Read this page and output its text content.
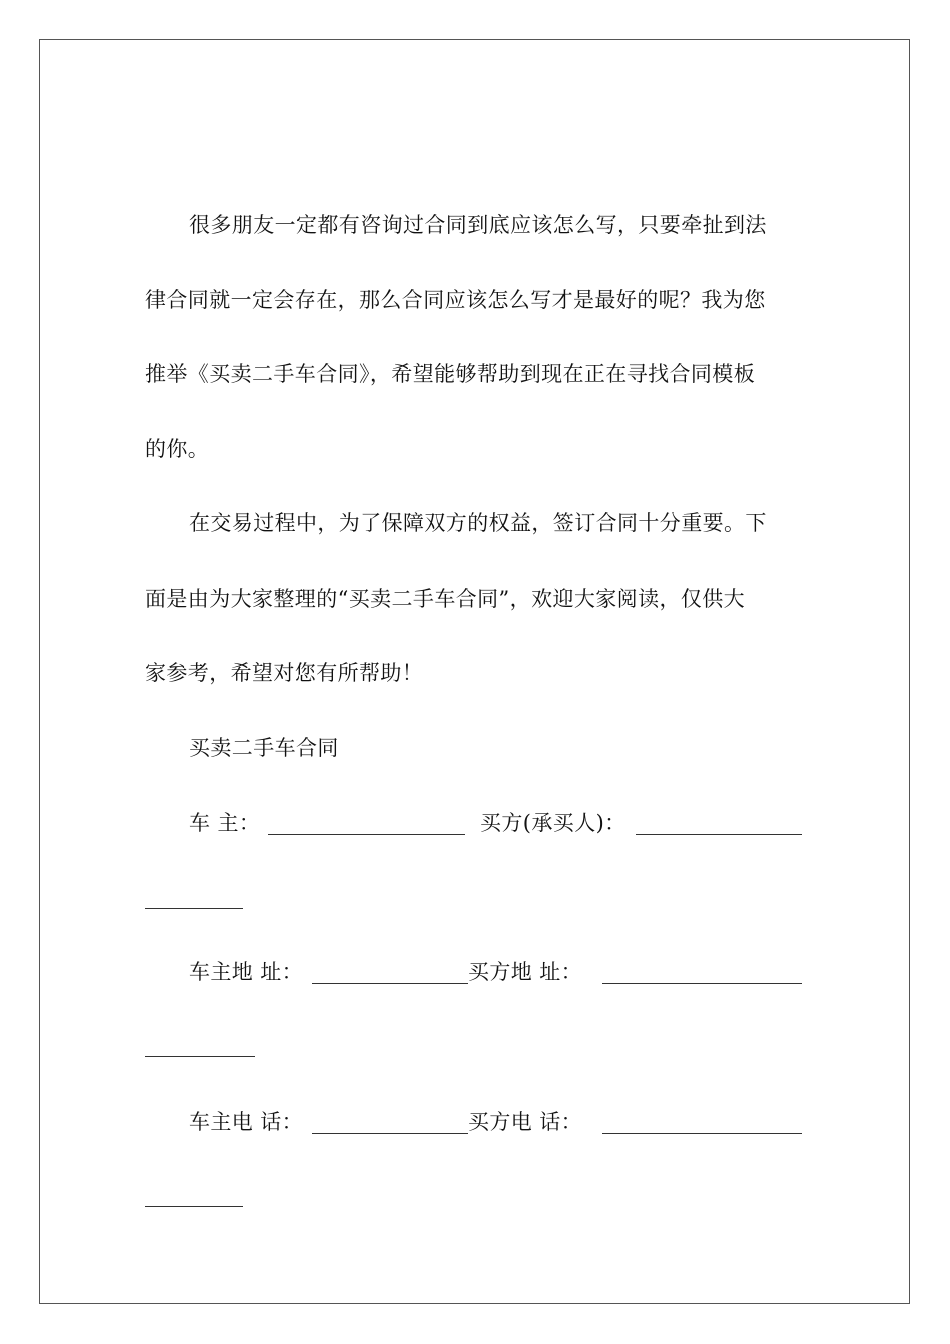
很多朋友一定都有咨询过合同到底应该怎么写，只要牵扯到法
律合同就一定会存在，那么合同应该怎么写才是最好的呢？我为您
推举《买卖二手车合同》，希望能够帮助到现在正在寻找合同模板
的你。
在交易过程中，为了保障双方的权益，签订合同十分重要。下
面是由为大家整理的“买卖二手车合同”，欢迎大家阅读，仅供大
家参考，希望对您有所帮助！
买卖二手车合同
车 主：	买方(承买人)：
车主地 址：	买方地 址：
车主电 话：	买方电 话：
